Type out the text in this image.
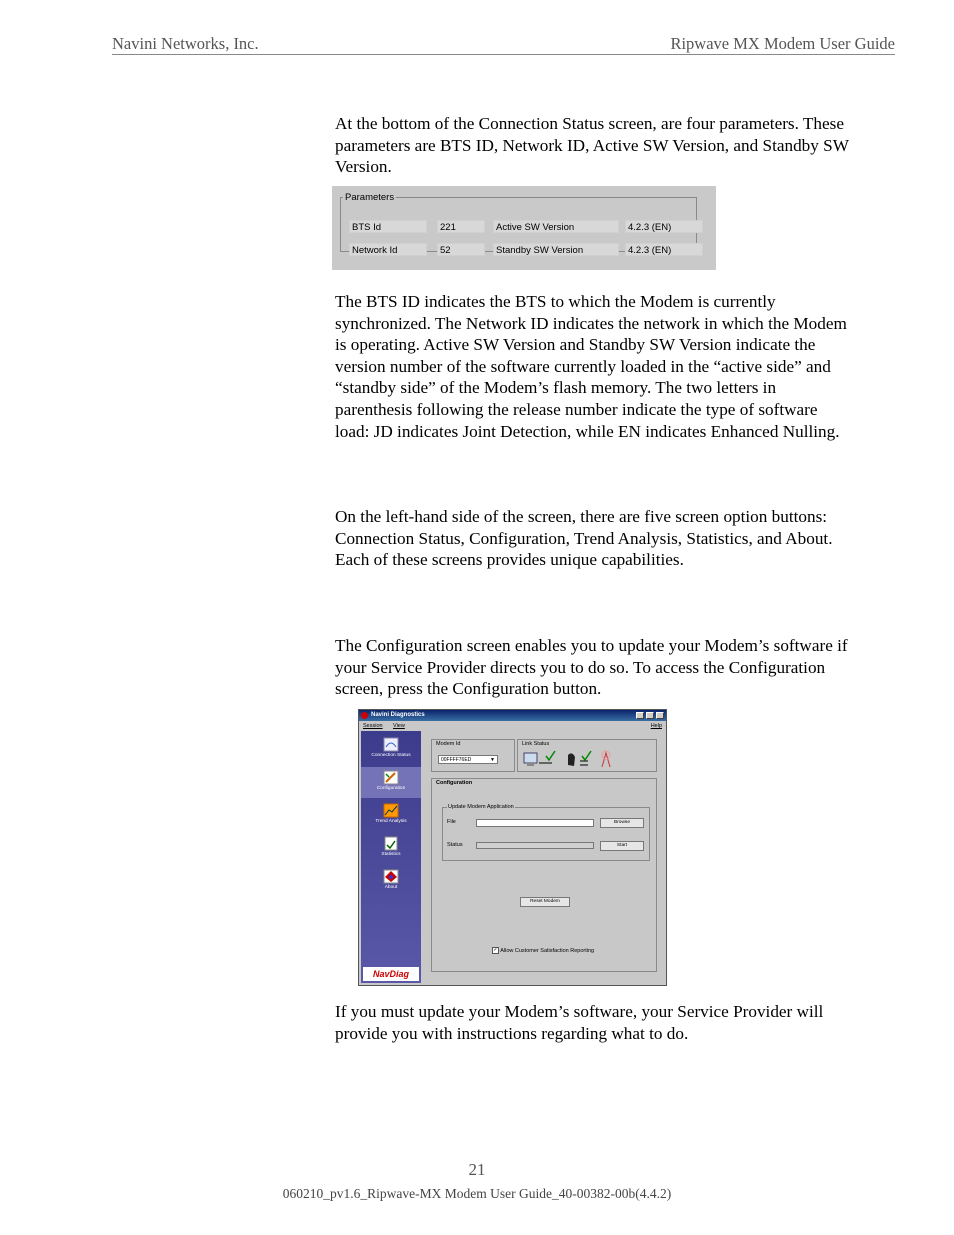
Navini Networks, Inc.	Ripwave MX Modem User Guide

At the bottom of the Connection Status screen, are four parameters. These parameters are BTS ID, Network ID, Active SW Version, and Standby SW Version.

Parameters
BTS Id	221	Active SW Version	4.2.3 (EN)
Network Id	52	Standby SW Version	4.2.3 (EN)

The BTS ID indicates the BTS to which the Modem is currently synchronized. The Network ID indicates the network in which the Modem is operating. Active SW Version and Standby SW Version indicate the version number of the software currently loaded in the “active side” and “standby side” of the Modem’s flash memory. The two letters in parenthesis following the release number indicate the type of software load: JD indicates Joint Detection, while EN indicates Enhanced Nulling.

On the left-hand side of the screen, there are five screen option buttons: Connection Status, Configuration, Trend Analysis, Statistics, and About. Each of these screens provides unique capabilities.

The Configuration screen enables you to update your Modem’s software if your Service Provider directs you to do so. To access the Configuration screen, press the Configuration button.

Navini Diagnostics
Session View	Help
Connection Status
Configuration
Trend Analysis
Statistics
About
NavDiag
Modem Id
00FFFF76ED	▼
Link Status
Configuration
Update Modem Application
File	Browse
Status	Start
Reset Modem
✓ Allow Customer Satisfaction Reporting

If you must update your Modem’s software, your Service Provider will provide you with instructions regarding what to do.

21
060210_pv1.6_Ripwave-MX Modem User Guide_40-00382-00b(4.4.2)
